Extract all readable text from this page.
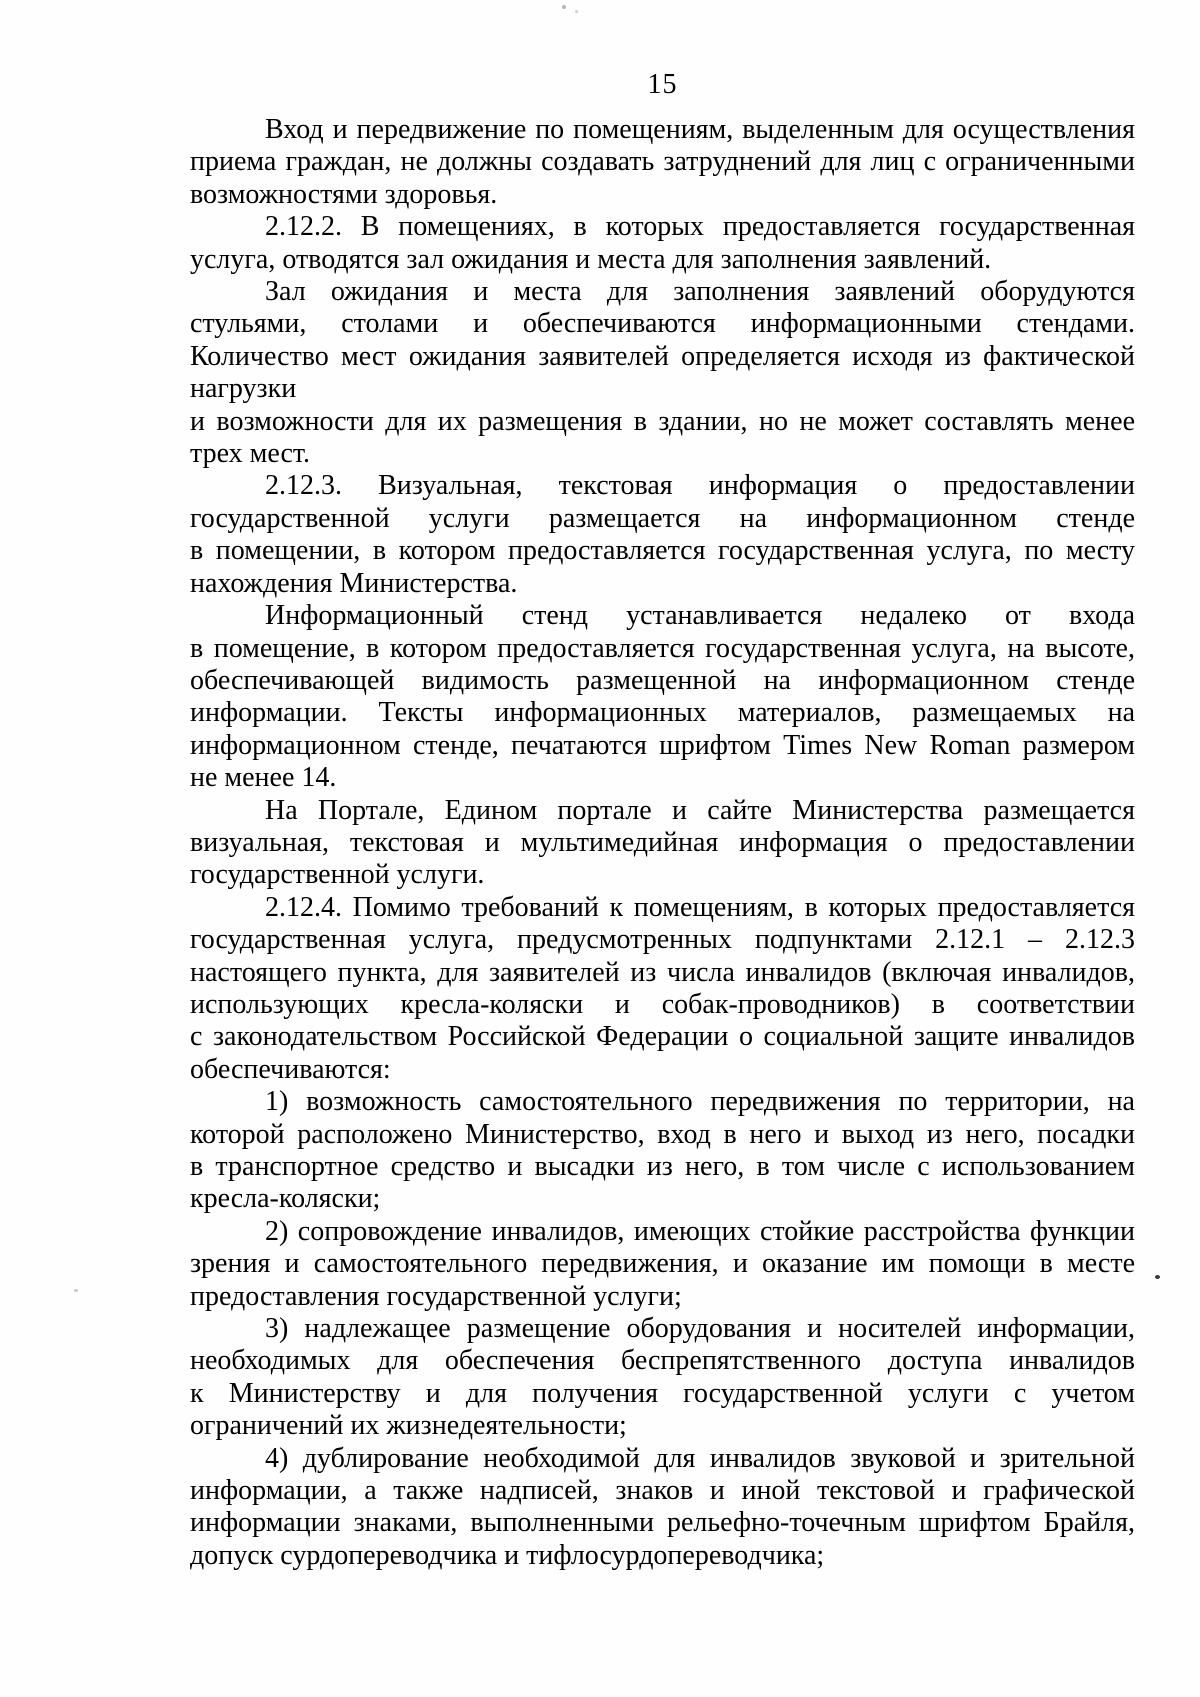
15

Вход и передвижение по помещениям, выделенным для осуществления
приема граждан, не должны создавать затруднений для лиц с ограниченными
возможностями здоровья.

2.12.2. В помещениях, в которых предоставляется государственная
услуга, отводятся зал ожидания и места для заполнения заявлений.

Зал ожидания и места для заполнения заявлений оборудуются
стульями, столами и обеспечиваются информационными стендами.
Количество мест ожидания заявителей определяется исходя из фактической
нагрузки

и возможности для их размещения в здании, но не может составлять менее
трех мест.

2.12.3. Визуальная, текстовая информация о предоставлении
государственной услуги размещается на информационном стенде
в помещении, в котором предоставляется государственная услуга, по месту
нахождения Министерства.

Информационный стенд устанавливается недалеко от входа
в помещение, в котором предоставляется государственная услуга, на высоте,
обеспечивающей видимость размещенной на информационном стенде
информации. Тексты информационных материалов, размещаемых на
информационном стенде, печатаются шрифтом Times New Roman размером
не менее 14.

На Портале, Едином портале и сайте Министерства размещается
визуальная, текстовая и мультимедийная информация о предоставлении
государственной услуги.

2.12.4. Помимо требований к помещениям, в которых предоставляется
государственная услуга, предусмотренных подпунктами 2.12.1 – 2.12.3
настоящего пункта, для заявителей из числа инвалидов (включая инвалидов,
использующих кресла-коляски и собак-проводников) в соответствии
с законодательством Российской Федерации о социальной защите инвалидов
обеспечиваются:

1) возможность самостоятельного передвижения по территории, на
которой расположено Министерство, вход в него и выход из него, посадки
в транспортное средство и высадки из него, в том числе с использованием
кресла-коляски;

2) сопровождение инвалидов, имеющих стойкие расстройства функции
зрения и самостоятельного передвижения, и оказание им помощи в месте
предоставления государственной услуги;

3) надлежащее размещение оборудования и носителей информации,
необходимых для обеспечения беспрепятственного доступа инвалидов
к Министерству и для получения государственной услуги с учетом
ограничений их жизнедеятельности;

4) дублирование необходимой для инвалидов звуковой и зрительной
информации, а также надписей, знаков и иной текстовой и графической
информации знаками, выполненными рельефно-точечным шрифтом Брайля,
допуск сурдопереводчика и тифлосурдопереводчика;
